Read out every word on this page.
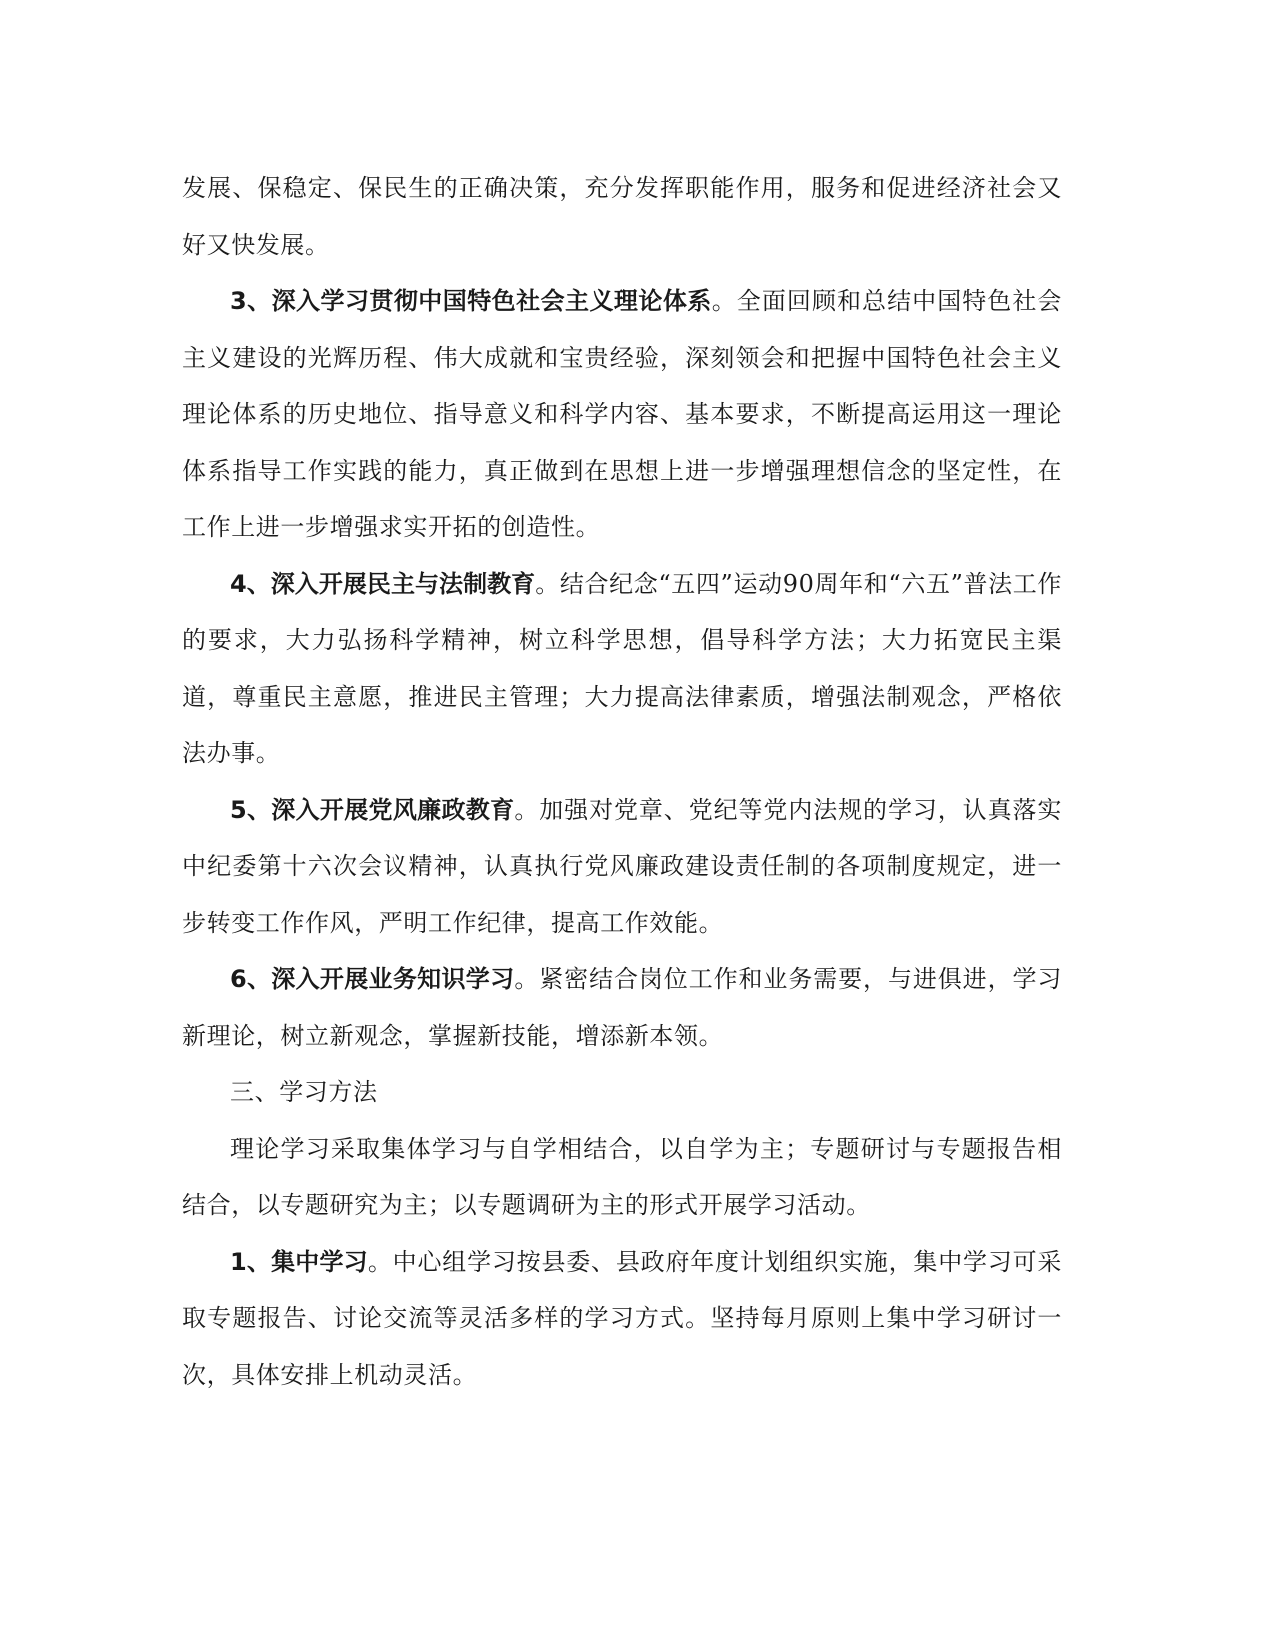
发展、保稳定、保民生的正确决策，充分发挥职能作用，服务和促进经济社会又好又快发展。

3、深入学习贯彻中国特色社会主义理论体系。全面回顾和总结中国特色社会主义建设的光辉历程、伟大成就和宝贵经验，深刻领会和把握中国特色社会主义理论体系的历史地位、指导意义和科学内容、基本要求，不断提高运用这一理论体系指导工作实践的能力，真正做到在思想上进一步增强理想信念的坚定性，在工作上进一步增强求实开拓的创造性。

4、深入开展民主与法制教育。结合纪念“五四”运动90周年和“六五”普法工作的要求，大力弘扬科学精神，树立科学思想，倡导科学方法；大力拓宽民主渠道，尊重民主意愿，推进民主管理；大力提高法律素质，增强法制观念，严格依法办事。

5、深入开展党风廉政教育。加强对党章、党纪等党内法规的学习，认真落实中纪委第十六次会议精神，认真执行党风廉政建设责任制的各项制度规定，进一步转变工作作风，严明工作纪律，提高工作效能。

6、深入开展业务知识学习。紧密结合岗位工作和业务需要，与进俱进，学习新理论，树立新观念，掌握新技能，增添新本领。

三、学习方法

理论学习采取集体学习与自学相结合，以自学为主；专题研讨与专题报告相结合，以专题研究为主；以专题调研为主的形式开展学习活动。

1、集中学习。中心组学习按县委、县政府年度计划组织实施，集中学习可采取专题报告、讨论交流等灵活多样的学习方式。坚持每月原则上集中学习研讨一次，具体安排上机动灵活。
